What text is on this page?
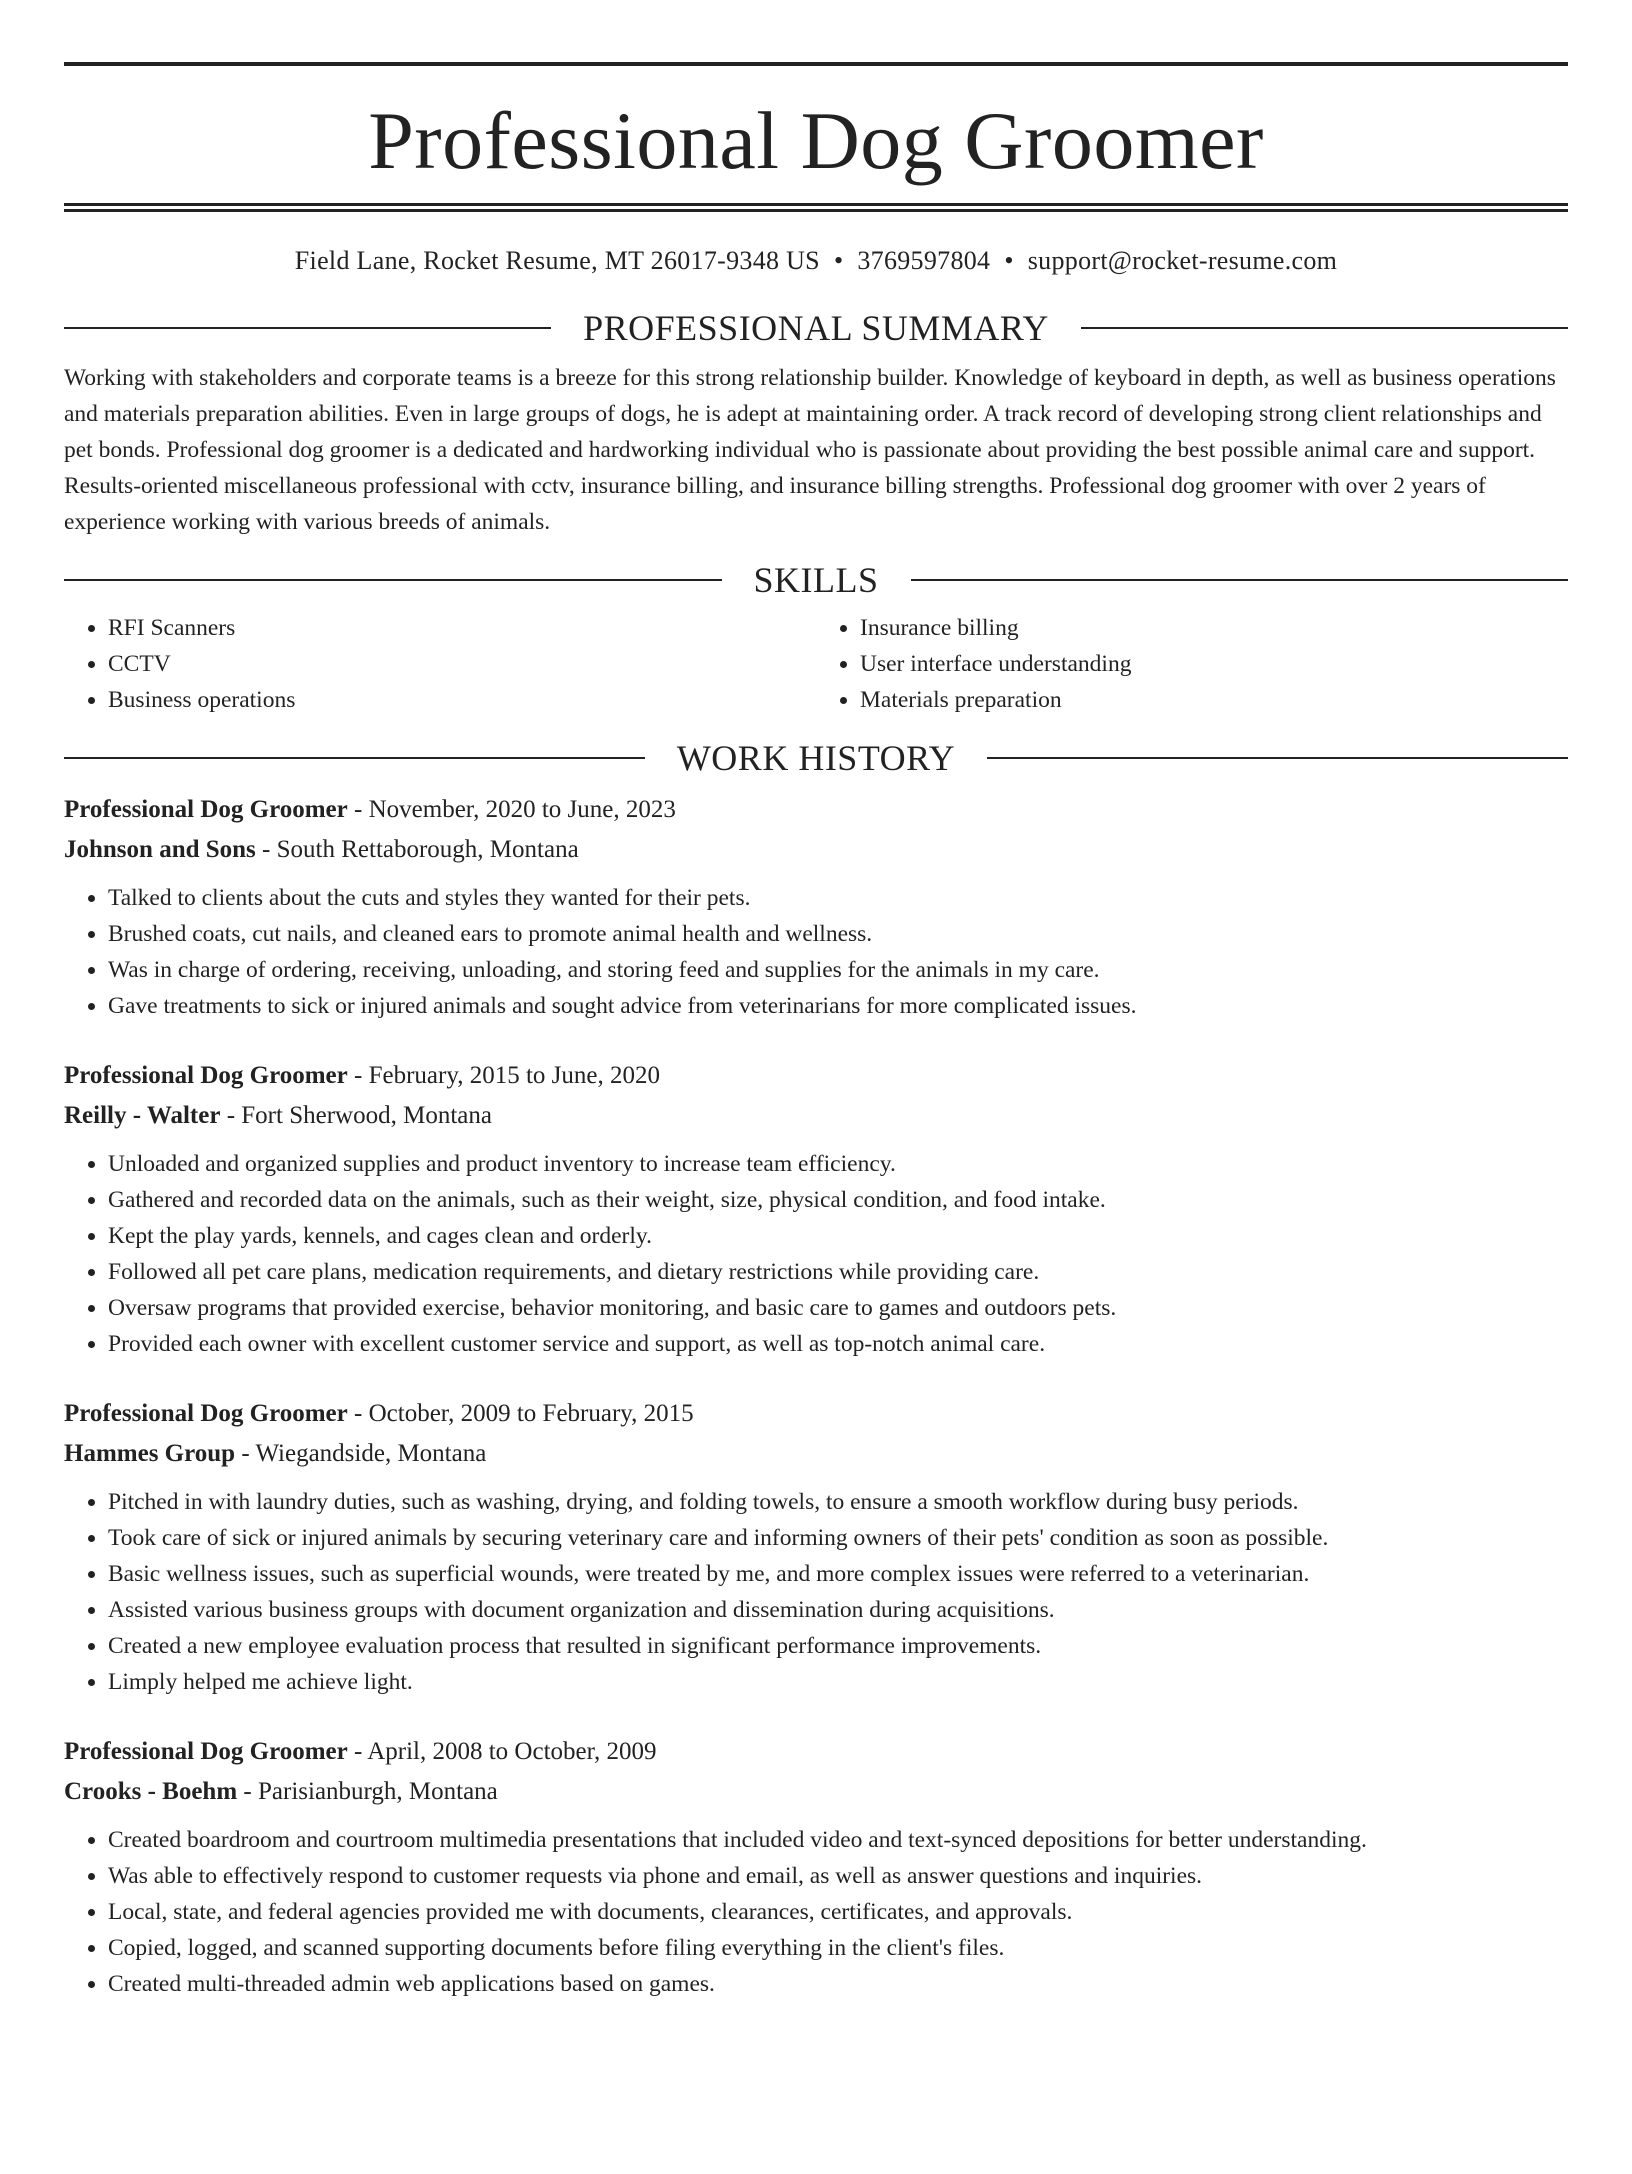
Professional Dog Groomer
Field Lane, Rocket Resume, MT 26017-9348 US • 3769597804 • support@rocket-resume.com
PROFESSIONAL SUMMARY

Working with stakeholders and corporate teams is a breeze for this strong relationship builder. Knowledge of keyboard in depth, as well as business operations and materials preparation abilities. Even in large groups of dogs, he is adept at maintaining order. A track record of developing strong client relationships and pet bonds. Professional dog groomer is a dedicated and hardworking individual who is passionate about providing the best possible animal care and support. Results-oriented miscellaneous professional with cctv, insurance billing, and insurance billing strengths. Professional dog groomer with over 2 years of experience working with various breeds of animals.

SKILLS
• RFI Scanners
• CCTV
• Business operations
• Insurance billing
• User interface understanding
• Materials preparation
WORK HISTORY

Professional Dog Groomer - November, 2020 to June, 2023

Johnson and Sons - South Rettaborough, Montana

• Talked to clients about the cuts and styles they wanted for their pets.
• Brushed coats, cut nails, and cleaned ears to promote animal health and wellness.
• Was in charge of ordering, receiving, unloading, and storing feed and supplies for the animals in my care.
• Gave treatments to sick or injured animals and sought advice from veterinarians for more complicated issues.

Professional Dog Groomer - February, 2015 to June, 2020

Reilly - Walter - Fort Sherwood, Montana

• Unloaded and organized supplies and product inventory to increase team efficiency.
• Gathered and recorded data on the animals, such as their weight, size, physical condition, and food intake.
• Kept the play yards, kennels, and cages clean and orderly.
• Followed all pet care plans, medication requirements, and dietary restrictions while providing care.
• Oversaw programs that provided exercise, behavior monitoring, and basic care to games and outdoors pets.
• Provided each owner with excellent customer service and support, as well as top-notch animal care.

Professional Dog Groomer - October, 2009 to February, 2015

Hammes Group - Wiegandside, Montana

• Pitched in with laundry duties, such as washing, drying, and folding towels, to ensure a smooth workflow during busy periods.
• Took care of sick or injured animals by securing veterinary care and informing owners of their pets' condition as soon as possible.
• Basic wellness issues, such as superficial wounds, were treated by me, and more complex issues were referred to a veterinarian.
• Assisted various business groups with document organization and dissemination during acquisitions.
• Created a new employee evaluation process that resulted in significant performance improvements.
• Limply helped me achieve light.

Professional Dog Groomer - April, 2008 to October, 2009

Crooks - Boehm - Parisianburgh, Montana

• Created boardroom and courtroom multimedia presentations that included video and text-synced depositions for better understanding.
• Was able to effectively respond to customer requests via phone and email, as well as answer questions and inquiries.
• Local, state, and federal agencies provided me with documents, clearances, certificates, and approvals.
• Copied, logged, and scanned supporting documents before filing everything in the client's files.
• Created multi-threaded admin web applications based on games.
